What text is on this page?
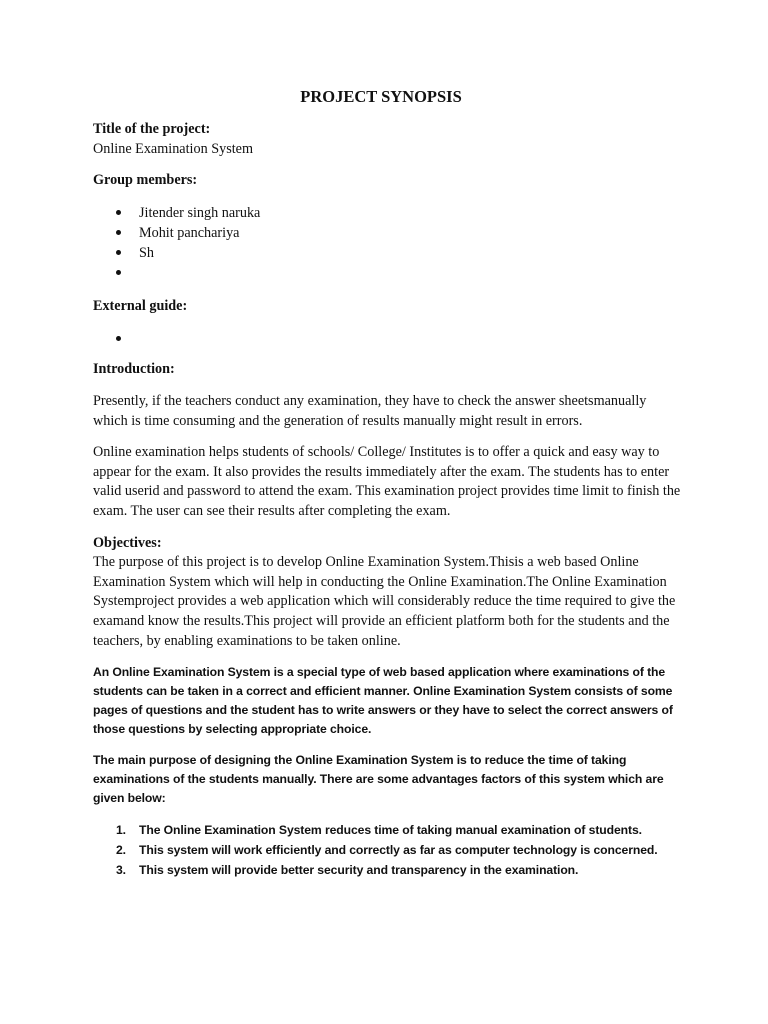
PROJECT SYNOPSIS
Title of the project:
Online Examination System
Group members:
Jitender singh naruka
Mohit panchariya
Sh
External guide:
Introduction:

Presently, if the teachers conduct any examination, they have to check the answer sheetsmanually which is time consuming and the generation of results manually might result in errors.

Online examination helps students of schools/ College/ Institutes is to offer a quick and easy way to appear for the exam. It also provides the results immediately after the exam. The students has to enter valid userid and password to attend the exam. This examination project provides time limit to finish the exam. The user can see their results after completing the exam.

Objectives:

The purpose of this project is to develop Online Examination System.Thisis a web based Online Examination System which will help in conducting the Online Examination.The Online Examination Systemproject provides a web application which will considerably reduce the time required to give the examand know the results.This project will provide an efficient platform both for the students and the teachers, by enabling examinations to be taken online.

An Online Examination System is a special type of web based application where examinations of the students can be taken in a correct and efficient manner. Online Examination System consists of some pages of questions and the student has to write answers or they have to select the correct answers of those questions by selecting appropriate choice.

The main purpose of designing the Online Examination System is to reduce the time of taking examinations of the students manually. There are some advantages factors of this system which are given below:

1. The Online Examination System reduces time of taking manual examination of students.
2. This system will work efficiently and correctly as far as computer technology is concerned.
3. This system will provide better security and transparency in the examination.
